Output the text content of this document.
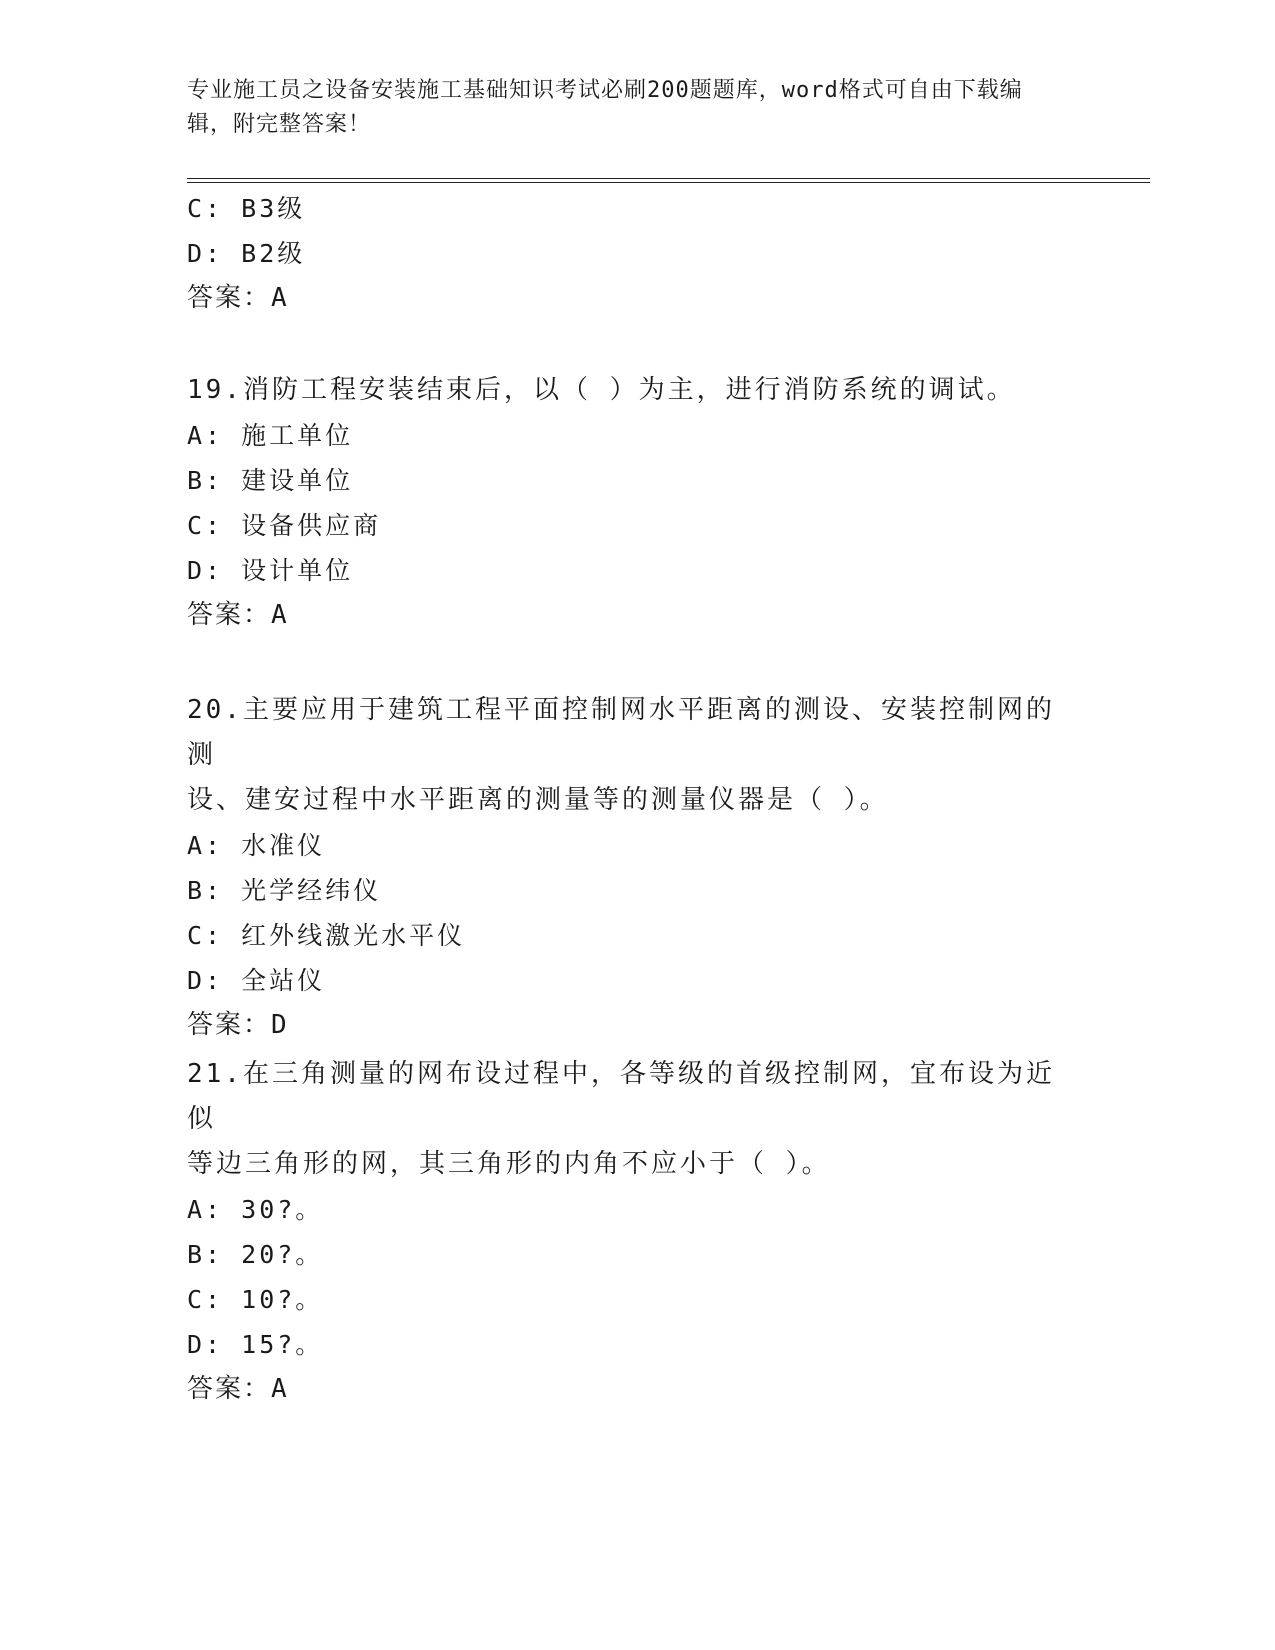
专业施工员之设备安装施工基础知识考试必刷200题题库，word格式可自由下载编辑，附完整答案！
C: B3级
D: B2级
答案：A
19.消防工程安装结束后，以（ ）为主，进行消防系统的调试。
A: 施工单位
B: 建设单位
C: 设备供应商
D: 设计单位
答案：A
20.主要应用于建筑工程平面控制网水平距离的测设、安装控制网的测
设、建安过程中水平距离的测量等的测量仪器是（ ）。
A: 水准仪
B: 光学经纬仪
C: 红外线激光水平仪
D: 全站仪
答案：D
21.在三角测量的网布设过程中，各等级的首级控制网，宜布设为近似
等边三角形的网，其三角形的内角不应小于（ ）。
A: 30?。
B: 20?。
C: 10?。
D: 15?。
答案：A
